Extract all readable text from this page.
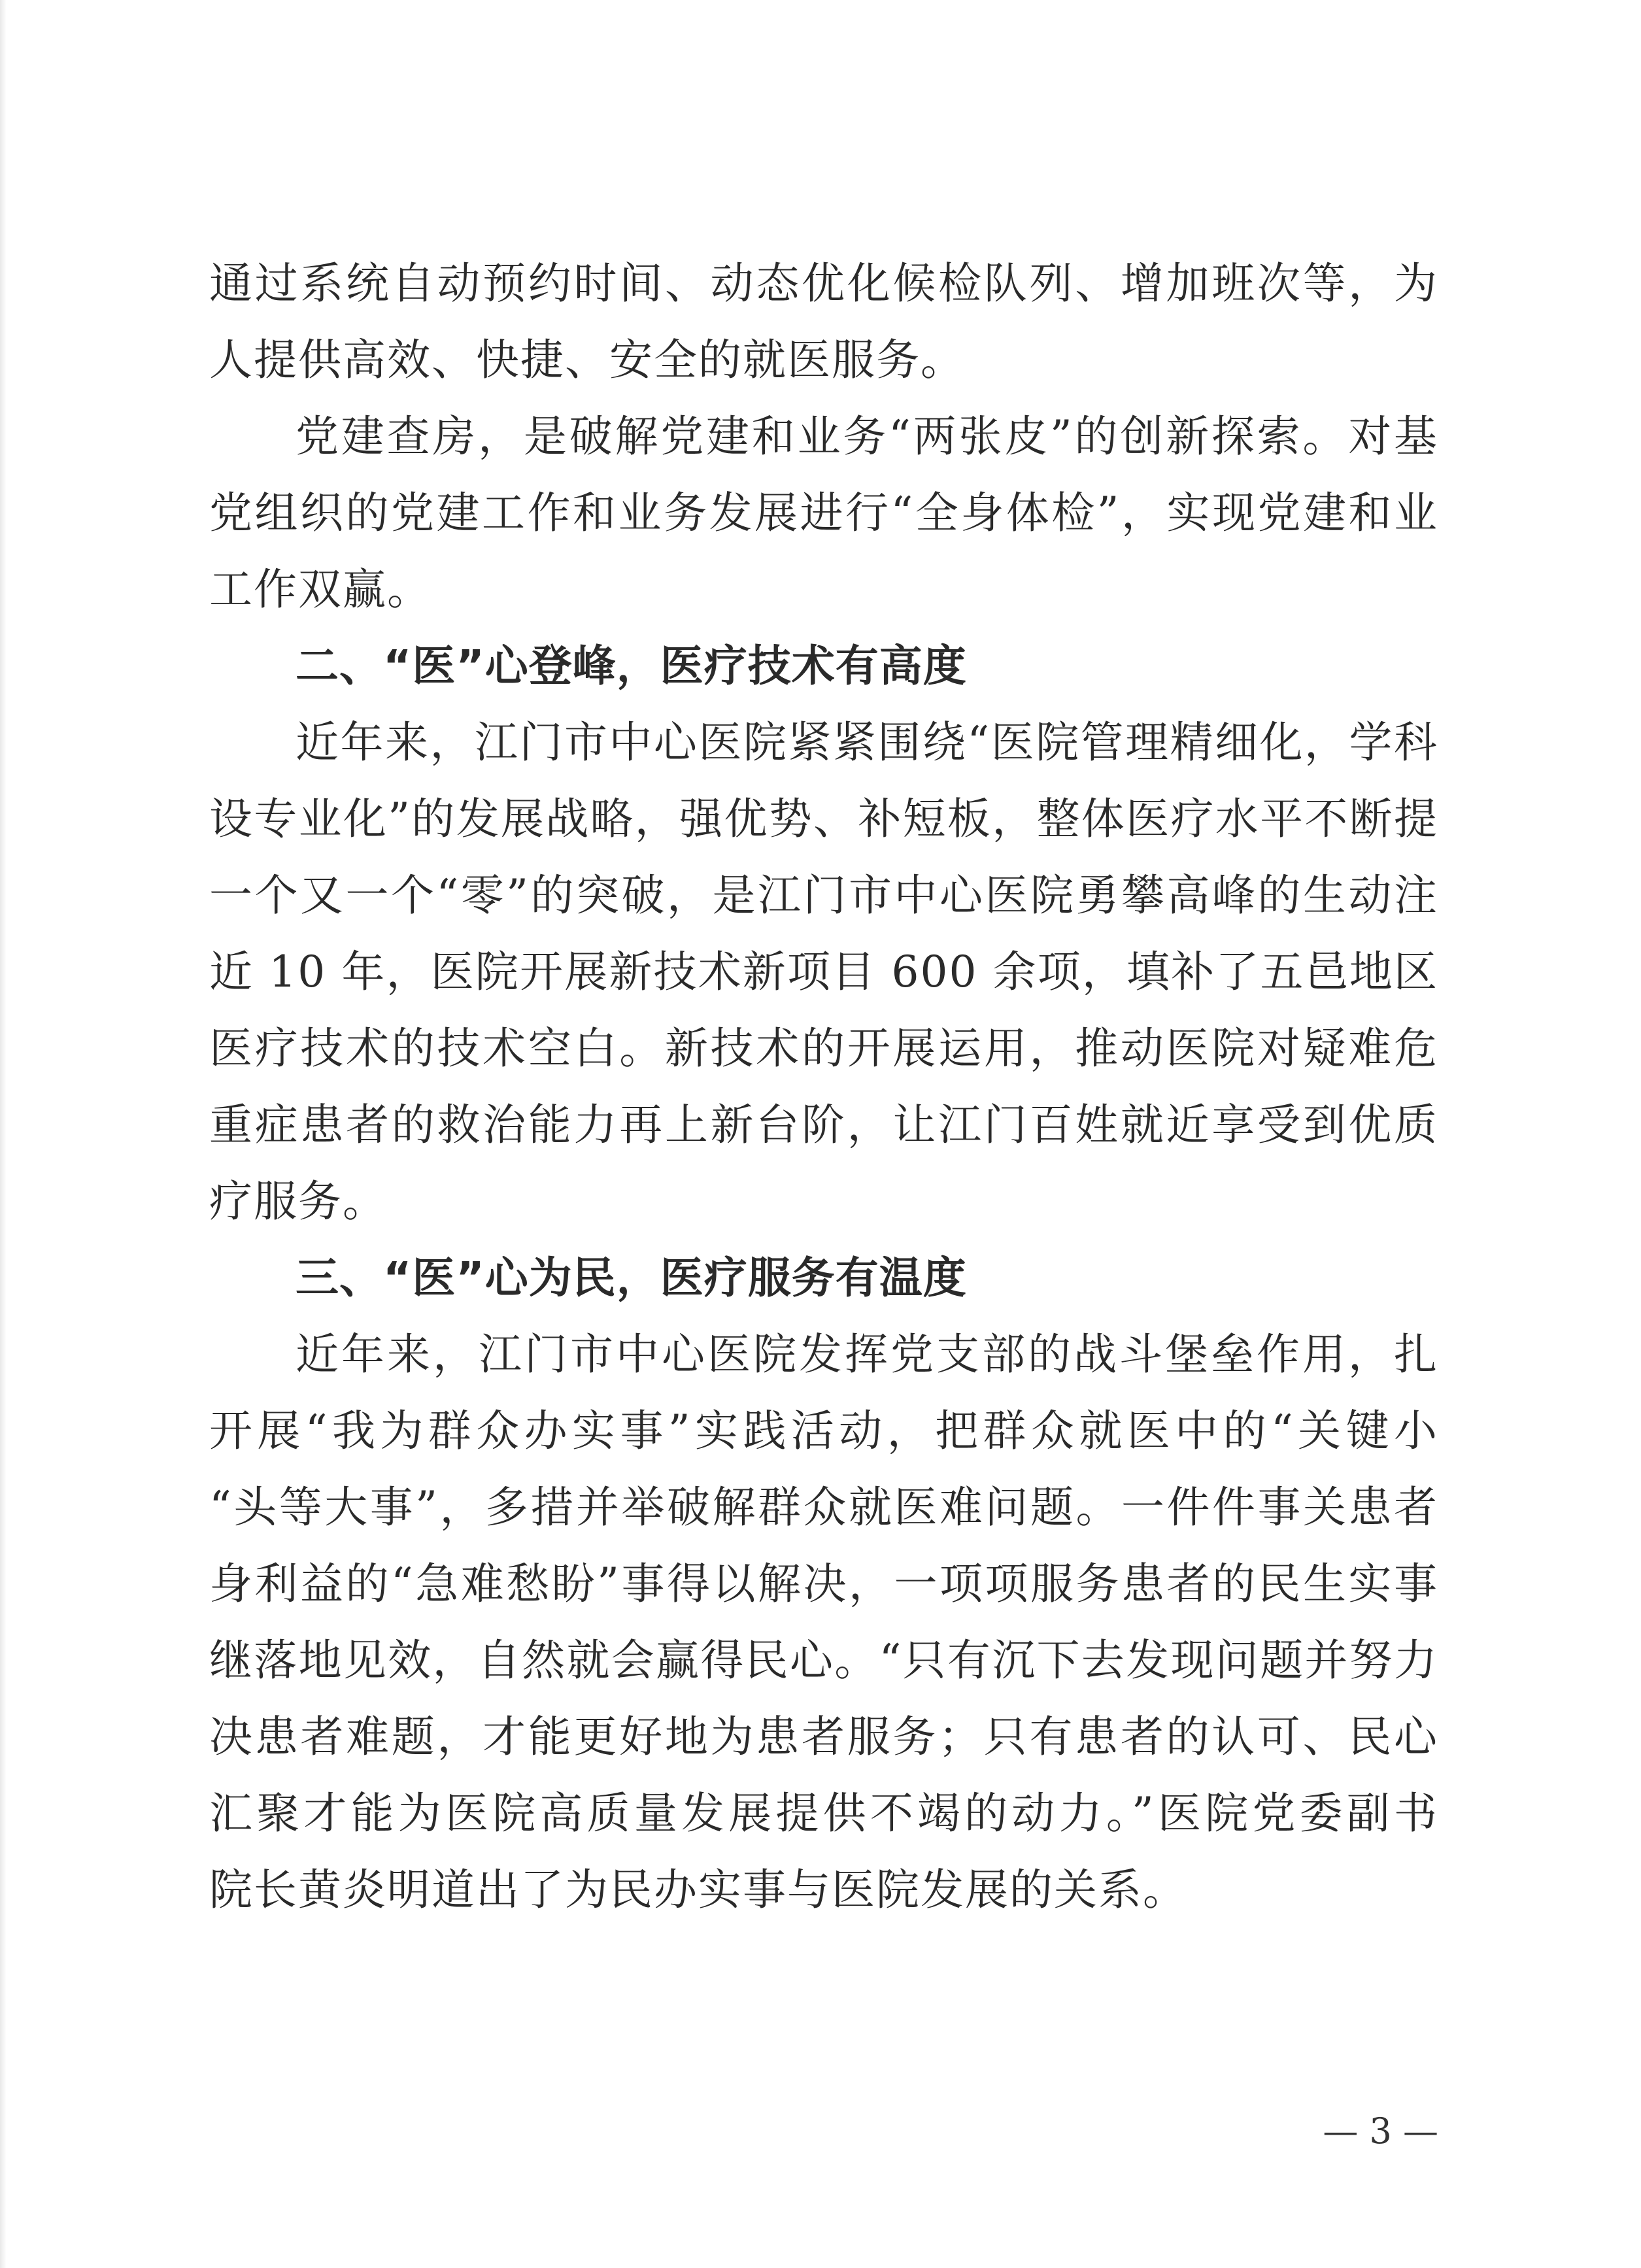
通过系统自动预约时间、动态优化候检队列、增加班次等，为
人提供高效、快捷、安全的就医服务。
党建查房，是破解党建和业务“两张皮”的创新探索。对基
党组织的党建工作和业务发展进行“全身体检”，实现党建和业
工作双赢。
二、“医”心登峰，医疗技术有高度
近年来，江门市中心医院紧紧围绕“医院管理精细化，学科
设专业化”的发展战略，强优势、补短板，整体医疗水平不断提
一个又一个“零”的突破，是江门市中心医院勇攀高峰的生动注
近 10 年，医院开展新技术新项目 600 余项，填补了五邑地区
医疗技术的技术空白。新技术的开展运用，推动医院对疑难危
重症患者的救治能力再上新台阶，让江门百姓就近享受到优质
疗服务。
三、“医”心为民，医疗服务有温度
近年来，江门市中心医院发挥党支部的战斗堡垒作用，扎
开展“我为群众办实事”实践活动，把群众就医中的“关键小
“头等大事”，多措并举破解群众就医难问题。一件件事关患者
身利益的“急难愁盼”事得以解决，一项项服务患者的民生实事
继落地见效，自然就会赢得民心。“只有沉下去发现问题并努力
决患者难题，才能更好地为患者服务；只有患者的认可、民心
汇聚才能为医院高质量发展提供不竭的动力。”医院党委副书
院长黄炎明道出了为民办实事与医院发展的关系。
— 3 —
